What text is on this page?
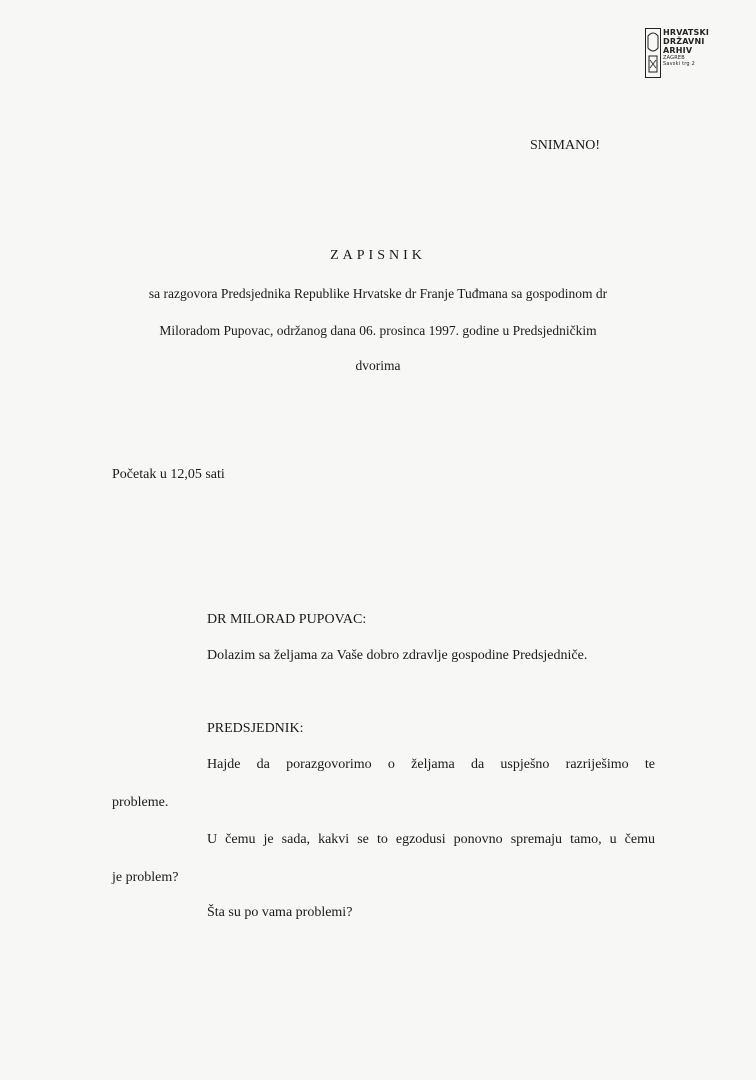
HRVATSKI
DRŽAVNI
ARHIV
ZAGREB
Savski trg 2
SNIMANO!
ZAPISNIK
sa razgovora Predsjednika Republike Hrvatske dr Franje Tuđmana sa gospodinom dr
Miloradom Pupovac, održanog dana 06. prosinca 1997. godine u Predsjedničkim
dvorima
Početak u 12,05 sati
DR MILORAD PUPOVAC:
Dolazim sa željama za Vaše dobro zdravlje gospodine Predsjedniče.
PREDSJEDNIK:
Hajde da porazgovorimo o željama da uspješno razriješimo te
probleme.
U čemu je sada, kakvi se to egzodusi ponovno spremaju tamo, u čemu
je problem?
Šta su po vama problemi?
